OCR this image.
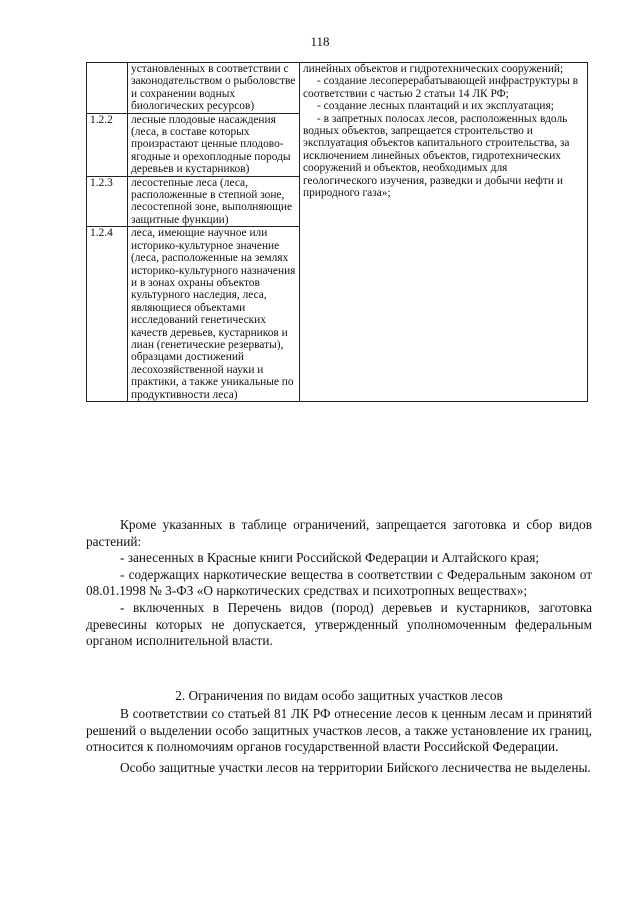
118
	установленных в соответствии с законодательством о рыболовстве и сохранении водных биологических ресурсов)	линейных объектов и гидротехнических сооружений;

- создание лесоперерабатывающей инфраструктуры в соответствии с частью 2 статьи 14 ЛК РФ;

- создание лесных плантаций и их эксплуатация;

- в запретных полосах лесов, расположенных вдоль водных объектов, запрещается строительство и эксплуатация объектов капитального строительства, за исключением линейных объектов, гидротехнических сооружений и объектов, необходимых для геологического изучения, разведки и добычи нефти и природного газа»;

1.2.2	лесные плодовые насаждения (леса, в составе которых произрастают ценные плодово-ягодные и орехоплодные породы деревьев и кустарников)	
1.2.3	лесостепные леса (леса, расположенные в степной зоне, лесостепной зоне, выполняющие защитные функции)	
1.2.4	леса, имеющие научное или историко-культурное значение (леса, расположенные на землях историко-культурного назначения и в зонах охраны объектов культурного наследия, леса, являющиеся объектами исследований генетических качеств деревьев, кустарников и лиан (генетические резерваты), образцами достижений лесохозяйственной науки и практики, а также уникальные по продуктивности леса)	

Кроме указанных в таблице ограничений, запрещается заготовка и сбор видов растений:

- занесенных в Красные книги Российской Федерации и Алтайского края;

- содержащих наркотические вещества в соответствии с Федеральным законом от 08.01.1998 № 3-ФЗ «О наркотических средствах и психотропных веществах»;

- включенных в Перечень видов (пород) деревьев и кустарников, заготовка древесины которых не допускается, утвержденный уполномоченным федеральным органом исполнительной власти.

2. Ограничения по видам особо защитных участков лесов

В соответствии со статьей 81 ЛК РФ отнесение лесов к ценным лесам и принятий решений о выделении особо защитных участков лесов, а также установление их границ, относится к полномочиям органов государственной власти Российской Федерации.

Особо защитные участки лесов на территории Бийского лесничества не выделены.
